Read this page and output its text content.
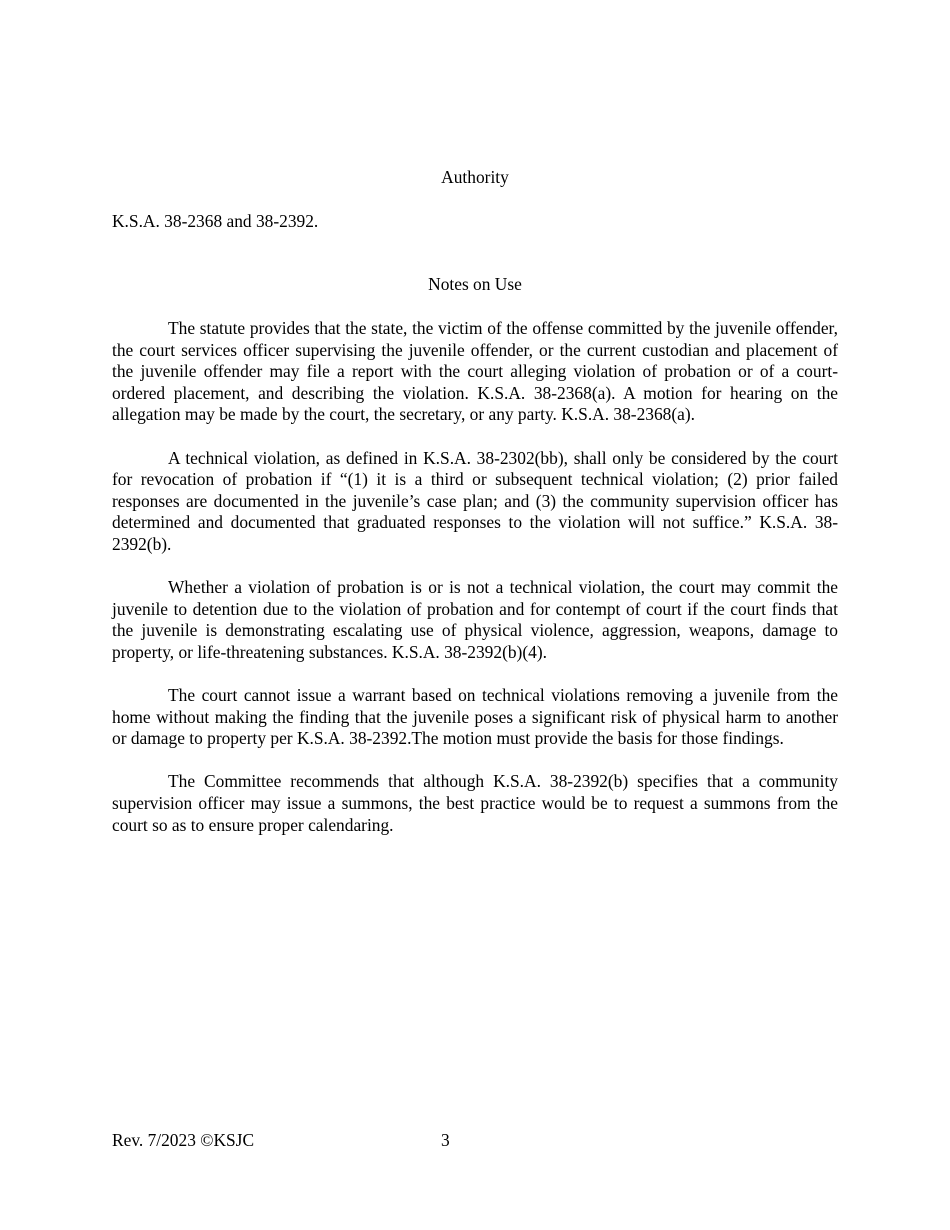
Authority
K.S.A. 38-2368 and 38-2392.
Notes on Use

The statute provides that the state, the victim of the offense committed by the juvenile offender, the court services officer supervising the juvenile offender, or the current custodian and placement of the juvenile offender may file a report with the court alleging violation of probation or of a court-ordered placement, and describing the violation. K.S.A. 38-2368(a). A motion for hearing on the allegation may be made by the court, the secretary, or any party. K.S.A. 38-2368(a).

A technical violation, as defined in K.S.A. 38-2302(bb), shall only be considered by the court for revocation of probation if “(1) it is a third or subsequent technical violation; (2) prior failed responses are documented in the juvenile’s case plan; and (3) the community supervision officer has determined and documented that graduated responses to the violation will not suffice.” K.S.A. 38-2392(b).

Whether a violation of probation is or is not a technical violation, the court may commit the juvenile to detention due to the violation of probation and for contempt of court if the court finds that the juvenile is demonstrating escalating use of physical violence, aggression, weapons, damage to property, or life-threatening substances. K.S.A. 38-2392(b)(4).

The court cannot issue a warrant based on technical violations removing a juvenile from the home without making the finding that the juvenile poses a significant risk of physical harm to another or damage to property per K.S.A. 38-2392.The motion must provide the basis for those findings.

The Committee recommends that although K.S.A. 38-2392(b) specifies that a community supervision officer may issue a summons, the best practice would be to request a summons from the court so as to ensure proper calendaring.

Rev. 7/2023 ©KSJC	3
